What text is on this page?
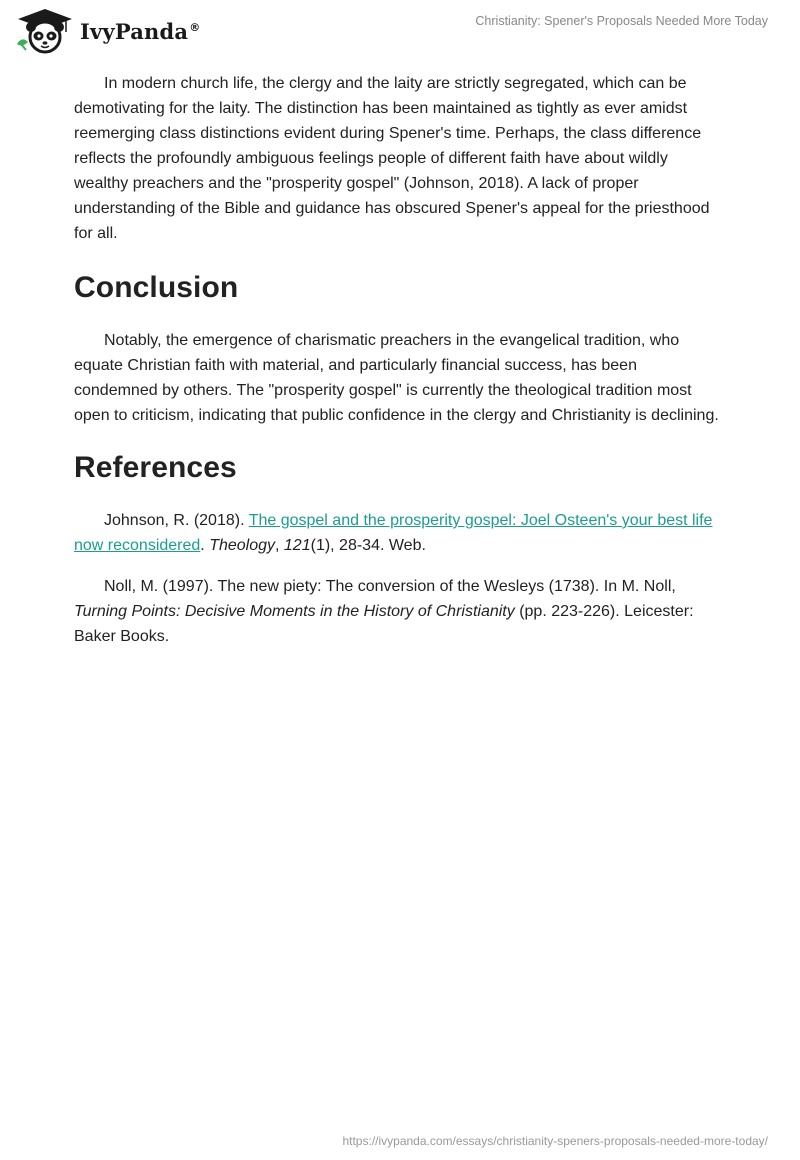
IvyPanda®	Christianity: Spener's Proposals Needed More Today

In modern church life, the clergy and the laity are strictly segregated, which can be demotivating for the laity. The distinction has been maintained as tightly as ever amidst reemerging class distinctions evident during Spener's time. Perhaps, the class difference reflects the profoundly ambiguous feelings people of different faith have about wildly wealthy preachers and the "prosperity gospel" (Johnson, 2018). A lack of proper understanding of the Bible and guidance has obscured Spener's appeal for the priesthood for all.

Conclusion

Notably, the emergence of charismatic preachers in the evangelical tradition, who equate Christian faith with material, and particularly financial success, has been condemned by others. The "prosperity gospel" is currently the theological tradition most open to criticism, indicating that public confidence in the clergy and Christianity is declining.

References

Johnson, R. (2018). The gospel and the prosperity gospel: Joel Osteen's your best life now reconsidered. Theology, 121(1), 28-34. Web.

Noll, M. (1997). The new piety: The conversion of the Wesleys (1738). In M. Noll, Turning Points: Decisive Moments in the History of Christianity (pp. 223-226). Leicester: Baker Books.

https://ivypanda.com/essays/christianity-speners-proposals-needed-more-today/
